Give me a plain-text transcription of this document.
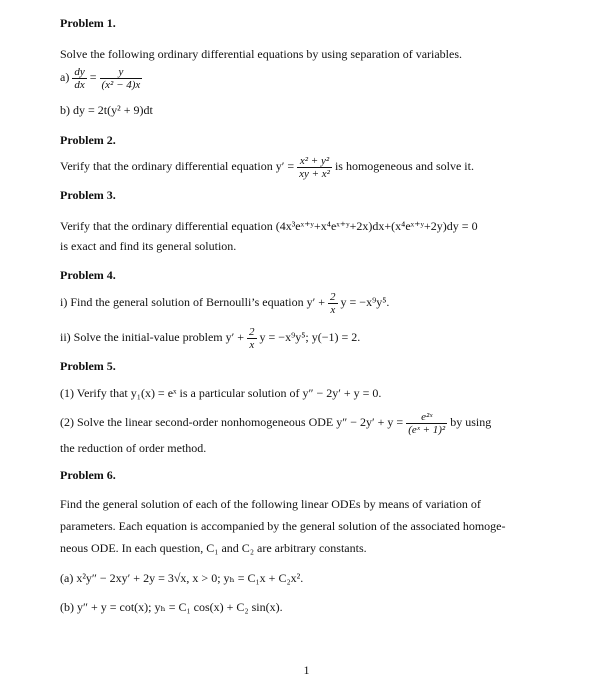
Problem 1.
Solve the following ordinary differential equations by using separation of variables.
$a) \frac{dy}{dx} = \frac{y}{\text{(x² − 4)x}}$
b) dy = 2t(y² + 9)dt
Problem 2.
Verify that the ordinary differential equation $y' = \frac{\text{x² + y²}}{\text{xy + x²}}$ is homogeneous and solve it.
Problem 3.
Verify that the ordinary differential equation (4x³eˣ⁺ʸ+x⁴eˣ⁺ʸ+2x)dx+(x⁴eˣ⁺ʸ+2y)dy = 0
is exact and find its general solution.
Problem 4.
i) Find the general solution of Bernoulli’s equation $y' + \frac{2}{x}$ y = −x⁹y⁵.
ii) Solve the initial-value problem $y' + \frac{2}{x}$ y = −x⁹y⁵; y(−1) = 2.
Problem 5.
(1) Verify that y₁(x) = eˣ is a particular solution of y″ − 2y′ + y = 0.
(2) Solve the linear second-order nonhomogeneous ODE $y'' - 2y' + y = \frac{\text{e²ˣ}}{\text{(eˣ + 1)²}}$ by using
the reduction of order method.
Problem 6.
Find the general solution of each of the following linear ODEs by means of variation of
parameters. Each equation is accompanied by the general solution of the associated homoge-
neous ODE. In each question, C₁ and C₂ are arbitrary constants.
(a) x²y″ − 2xy′ + 2y = 3√x, x > 0; yₕ = C₁x + C₂x².
(b) y″ + y = cot(x); yₕ = C₁ cos(x) + C₂ sin(x).
1
